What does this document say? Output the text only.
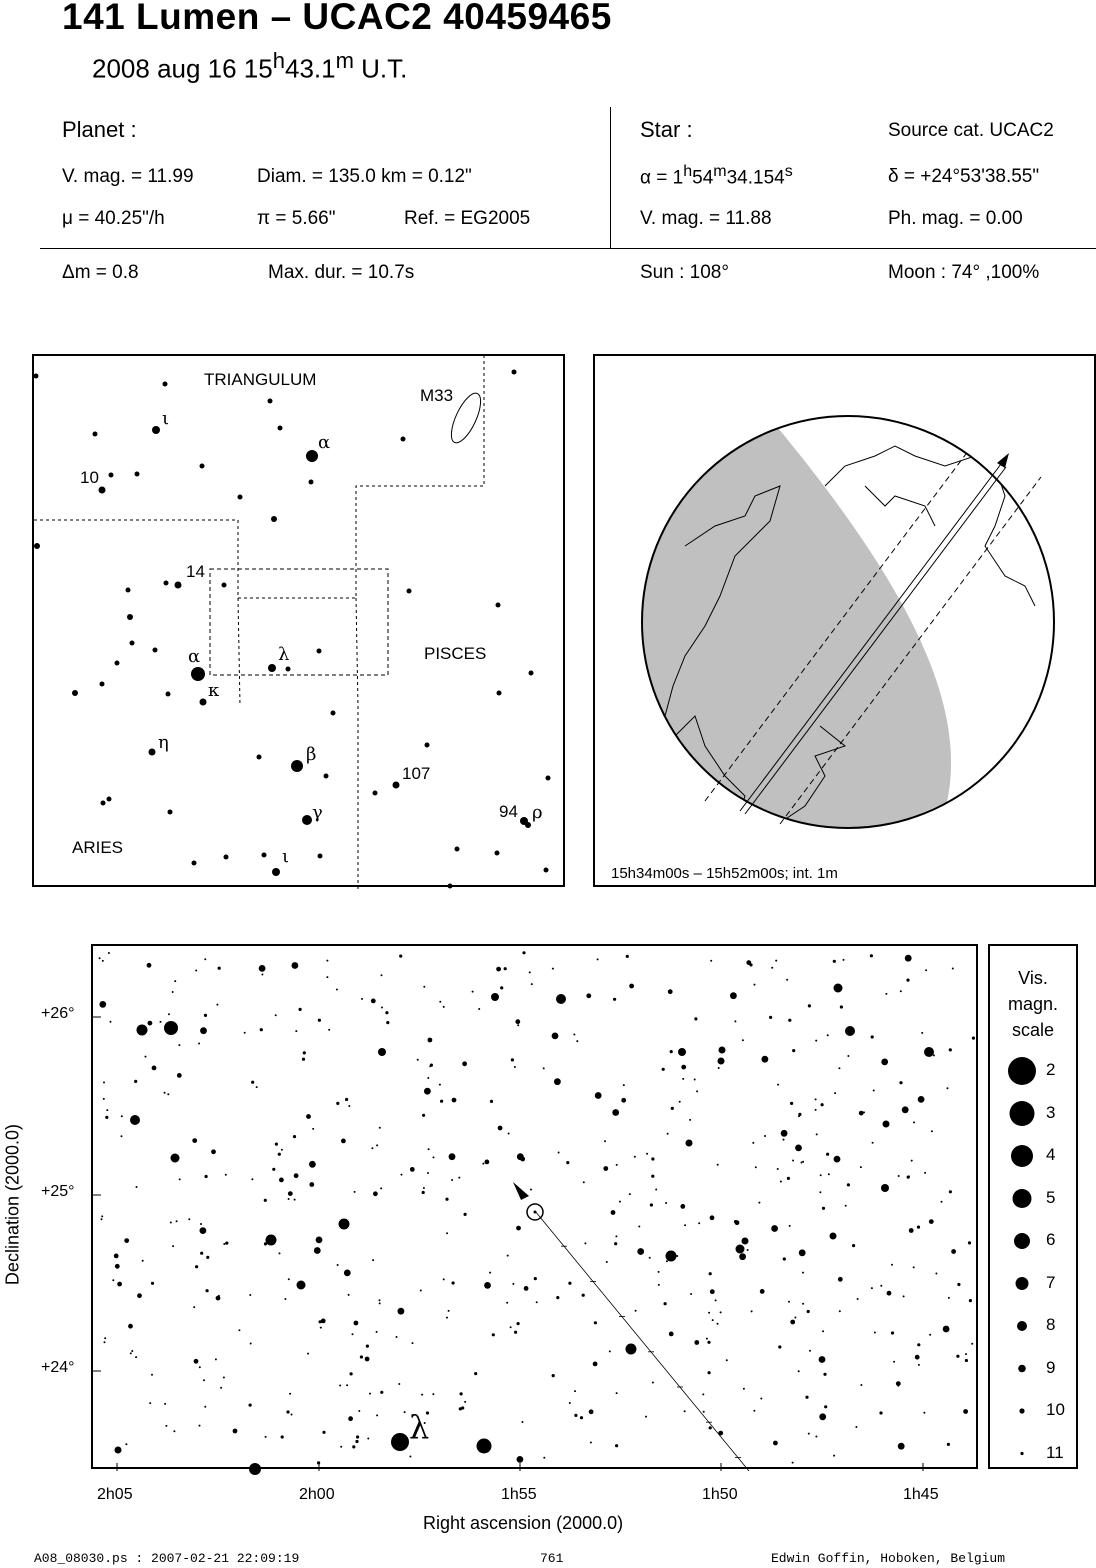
141 Lumen – UCAC2 40459465
2008 aug 16 15$^h$43.1$^m$ U.T.
Planet :
V. mag. = 11.99	Diam. = 135.0 km = 0.12"
μ = 40.25"/h	π = 5.66"	Ref. = EG2005
Star :	Source cat. UCAC2
$\alpha = 1^h54^m34.154^s$	δ = +24°53'38.55"
V. mag. = 11.88	Ph. mag. = 0.00
Δm = 0.8	Max. dur. = 10.7s	Sun : 108°	Moon : 74° ,100%
TRIANGULUM
M33
PISCES
ARIES
10
14
107
94
ι
α
α
κ
λ
η
β
γ
ι
ρ
15h34m00s – 15h52m00s; int. 1m
λ
+26°
+25°
+24°
2h05	2h00	1h55	1h50	1h45
Right ascension (2000.0)
Declination (2000.0)
Vis.
magn.
scale
2
3
4
5
6
7
8
9
10
11
A08_08030.ps : 2007-02-21 22:09:19	761	Edwin Goffin, Hoboken, Belgium
